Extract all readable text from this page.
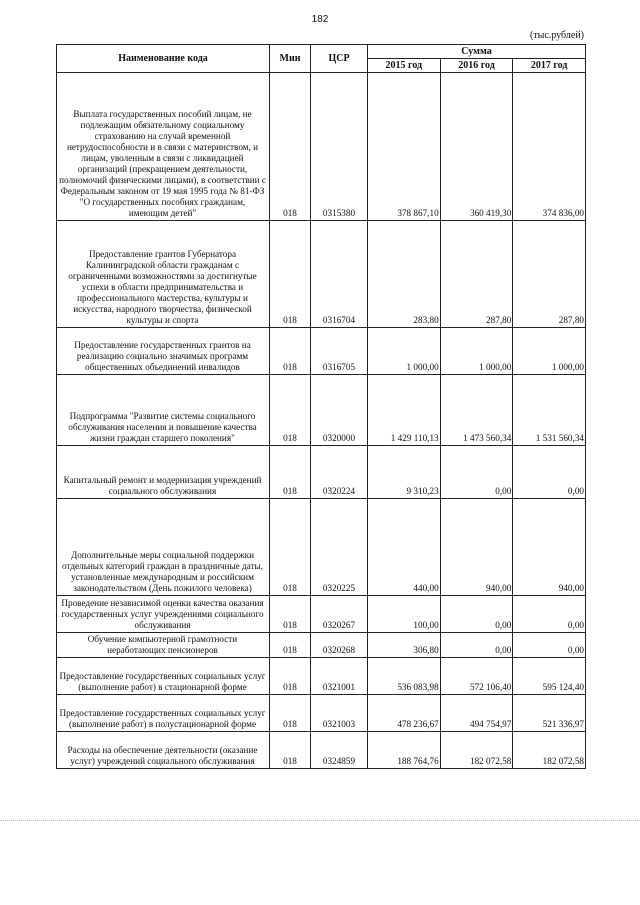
182
(тыс.рублей)
Наименование кода	Мин	ЦСР	Сумма		
			2015 год	2016 год	2017 год
Выплата государственных пособий лицам, не подлежащим обязательному социальному страхованию на случай временной нетрудоспособности и в связи с материнством, и лицам, уволенным в связи с ликвидацией организаций (прекращением деятельности, полномочий физическими лицами), в соответствии с Федеральным законом от 19 мая 1995 года № 81-ФЗ "О государственных пособиях гражданам, имеющим детей"	018	0315380	378 867,10	360 419,30	374 836,00
Предоставление грантов Губернатора Калининградской области гражданам с ограниченными возможностями за достигнутые успехи в области предпринимательства и профессионального мастерства, культуры и искусства, народного творчества, физической культуры и спорта	018	0316704	283,80	287,80	287,80
Предоставление государственных грантов на реализацию социально значимых программ общественных объединений инвалидов	018	0316705	1 000,00	1 000,00	1 000,00
Подпрограмма "Развитие системы социального обслуживания населения и повышение качества жизни граждан старшего поколения"	018	0320000	1 429 110,13	1 473 560,34	1 531 560,34
Капитальный ремонт и модернизация учреждений социального обслуживания	018	0320224	9 310,23	0,00	0,00
Дополнительные меры социальной поддержки отдельных категорий граждан в праздничные даты, установленные международным и российским законодательством (День пожилого человека)	018	0320225	440,00	940,00	940,00
Проведение независимой оценки качества оказания государственных услуг учреждениями социального обслуживания	018	0320267	100,00	0,00	0,00
Обучение компьютерной грамотности неработающих пенсионеров	018	0320268	306,80	0,00	0,00
Предоставление государственных социальных услуг (выполнение работ) в стационарной форме	018	0321001	536 083,98	572 106,40	595 124,40
Предоставление государственных социальных услуг (выполнение работ) в полустационарной форме	018	0321003	478 236,67	494 754,97	521 336,97
Расходы на обеспечение деятельности (оказание услуг) учреждений социального обслуживания	018	0324859	188 764,76	182 072,58	182 072,58
